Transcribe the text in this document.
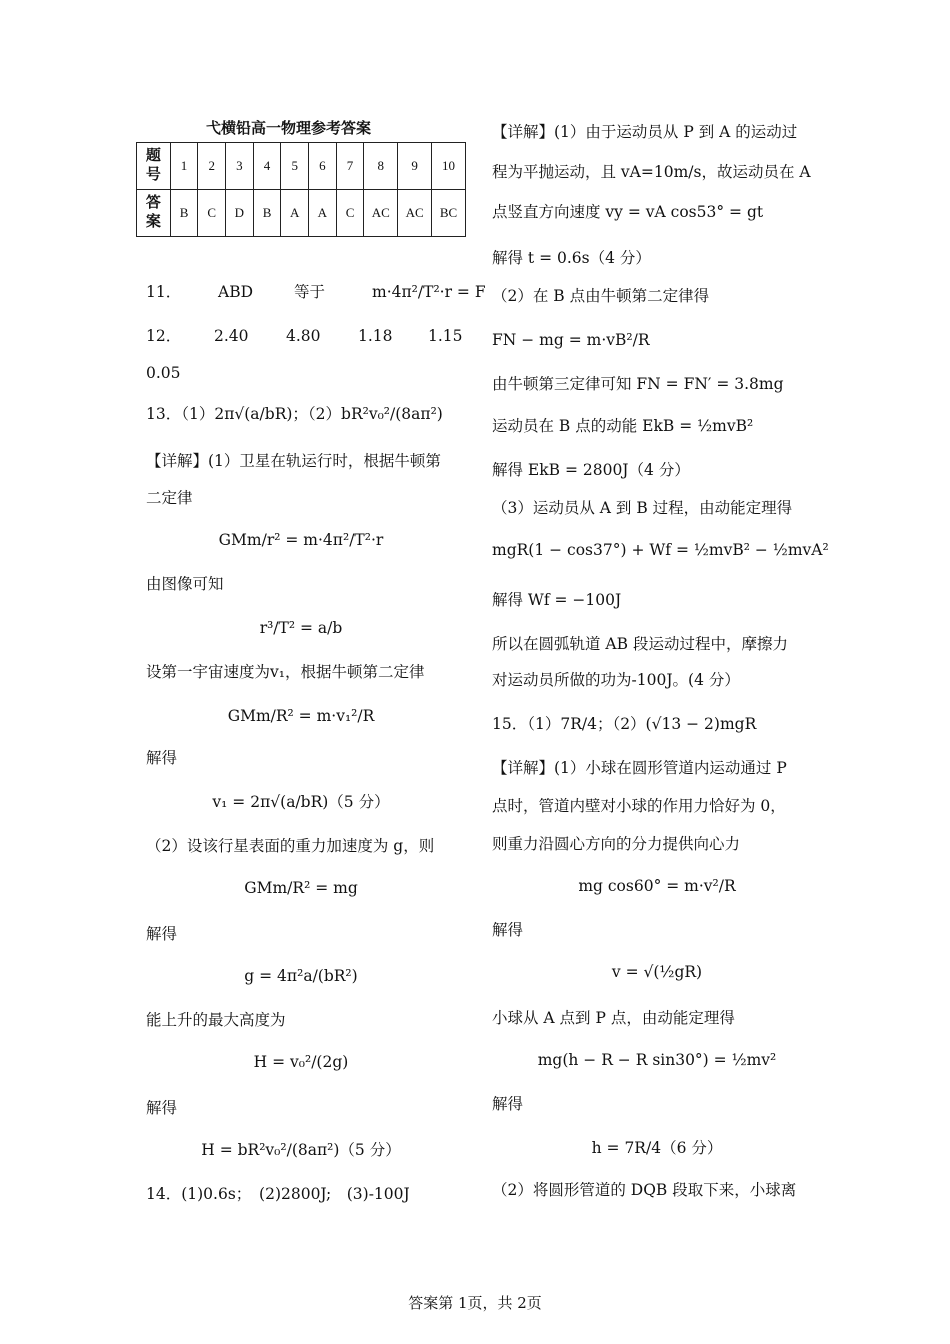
弋横铅高一物理参考答案
题号	1	2	3	4	5	6	7	8	9	10
答案	B	C	D	B	A	A	C	AC	AC	BC
11． ABD	等于	m·4π²/T²·r = F
12． 2.40 4.80 1.18 1.15
0.05
13．（1）2π√(a/bR)；（2）bR²v₀²/(8aπ²)
【详解】(1）卫星在轨运行时，根据牛顿第
二定律
GMm/r² = m·4π²/T²·r
由图像可知
r³/T² = a/b
设第一宇宙速度为v₁，根据牛顿第二定律
GMm/R² = m·v₁²/R
解得
v₁ = 2π√(a/bR)（5 分）
（2）设该行星表面的重力加速度为 g，则
GMm/R² = mg
解得
g = 4π²a/(bR²)
能上升的最大高度为
H = v₀²/(2g)
解得
H = bR²v₀²/(8aπ²)（5 分）
14．(1)0.6s；　(2)2800J;　(3)-100J
【详解】(1）由于运动员从 P 到 A 的运动过
程为平抛运动，且 vA=10m/s，故运动员在 A
点竖直方向速度 vy = vA cos53° = gt
解得 t = 0.6s（4 分）
（2）在 B 点由牛顿第二定律得
FN − mg = m·vB²/R
由牛顿第三定律可知 FN = FN′ = 3.8mg
运动员在 B 点的动能 EkB = ½mvB²
解得 EkB = 2800J（4 分）
（3）运动员从 A 到 B 过程，由动能定理得
mgR(1 − cos37°) + Wf = ½mvB² − ½mvA²
解得 Wf = −100J
所以在圆弧轨道 AB 段运动过程中，摩擦力
对运动员所做的功为-100J。(4 分）
15．（1）7R/4；（2）(√13 − 2)mgR
【详解】(1）小球在圆形管道内运动通过 P
点时，管道内壁对小球的作用力恰好为 0，
则重力沿圆心方向的分力提供向心力
mg cos60° = m·v²/R
解得
v = √(½gR)
小球从 A 点到 P 点，由动能定理得
mg(h − R − R sin30°) = ½mv²
解得
h = 7R/4（6 分）
（2）将圆形管道的 DQB 段取下来，小球离
答案第 1页，共 2页
